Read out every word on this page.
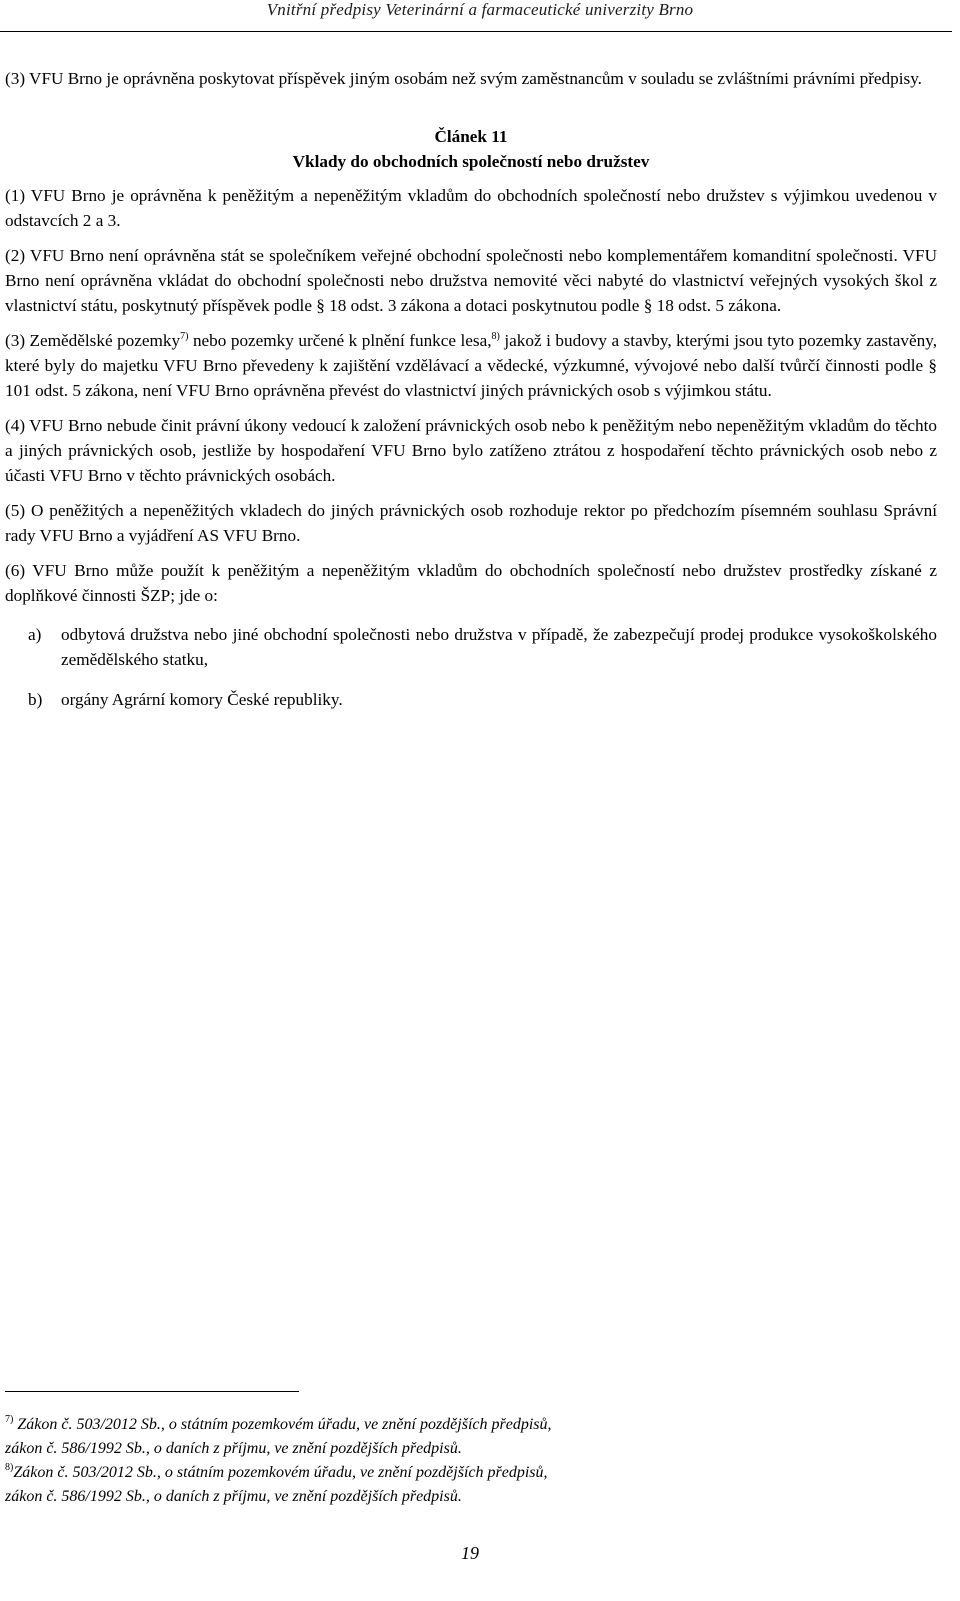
Vnitřní předpisy Veterinární a farmaceutické univerzity Brno

(3) VFU Brno je oprávněna poskytovat příspěvek jiným osobám než svým zaměstnancům v souladu se zvláštními právními předpisy.

Článek 11
Vklady do obchodních společností nebo družstev

(1) VFU Brno je oprávněna k peněžitým a nepeněžitým vkladům do obchodních společností nebo družstev s výjimkou uvedenou v odstavcích 2 a 3.

(2) VFU Brno není oprávněna stát se společníkem veřejné obchodní společnosti nebo komplementářem komanditní společnosti. VFU Brno není oprávněna vkládat do obchodní společnosti nebo družstva nemovité věci nabyté do vlastnictví veřejných vysokých škol z vlastnictví státu, poskytnutý příspěvek podle § 18 odst. 3 zákona a dotaci poskytnutou podle § 18 odst. 5 zákona.

(3) Zemědělské pozemky$^{7)}$ nebo pozemky určené k plnění funkce lesa,$^{8)}$ jakož i budovy a stavby, kterými jsou tyto pozemky zastavěny, které byly do majetku VFU Brno převedeny k zajištění vzdělávací a vědecké, výzkumné, vývojové nebo další tvůrčí činnosti podle § 101 odst. 5 zákona, není VFU Brno oprávněna převést do vlastnictví jiných právnických osob s výjimkou státu.

(4) VFU Brno nebude činit právní úkony vedoucí k založení právnických osob nebo k peněžitým nebo nepeněžitým vkladům do těchto a jiných právnických osob, jestliže by hospodaření VFU Brno bylo zatíženo ztrátou z hospodaření těchto právnických osob nebo z účasti VFU Brno v těchto právnických osobách.

(5) O peněžitých a nepeněžitých vkladech do jiných právnických osob rozhoduje rektor po předchozím písemném souhlasu Správní rady VFU Brno a vyjádření AS VFU Brno.

(6) VFU Brno může použít k peněžitým a nepeněžitým vkladům do obchodních společností nebo družstev prostředky získané z doplňkové činnosti ŠZP; jde o:

a) odbytová družstva nebo jiné obchodní společnosti nebo družstva v případě, že zabezpečují prodej produkce vysokoškolského zemědělského statku,
b) orgány Agrární komory České republiky.
$^{7)}$ Zákon č. 503/2012 Sb., o státním pozemkovém úřadu, ve znění pozdějších předpisů,
zákon č. 586/1992 Sb., o daních z příjmu, ve znění pozdějších předpisů.
$^{8)}$Zákon č. 503/2012 Sb., o státním pozemkovém úřadu, ve znění pozdějších předpisů,
zákon č. 586/1992 Sb., o daních z příjmu, ve znění pozdějších předpisů.
19
